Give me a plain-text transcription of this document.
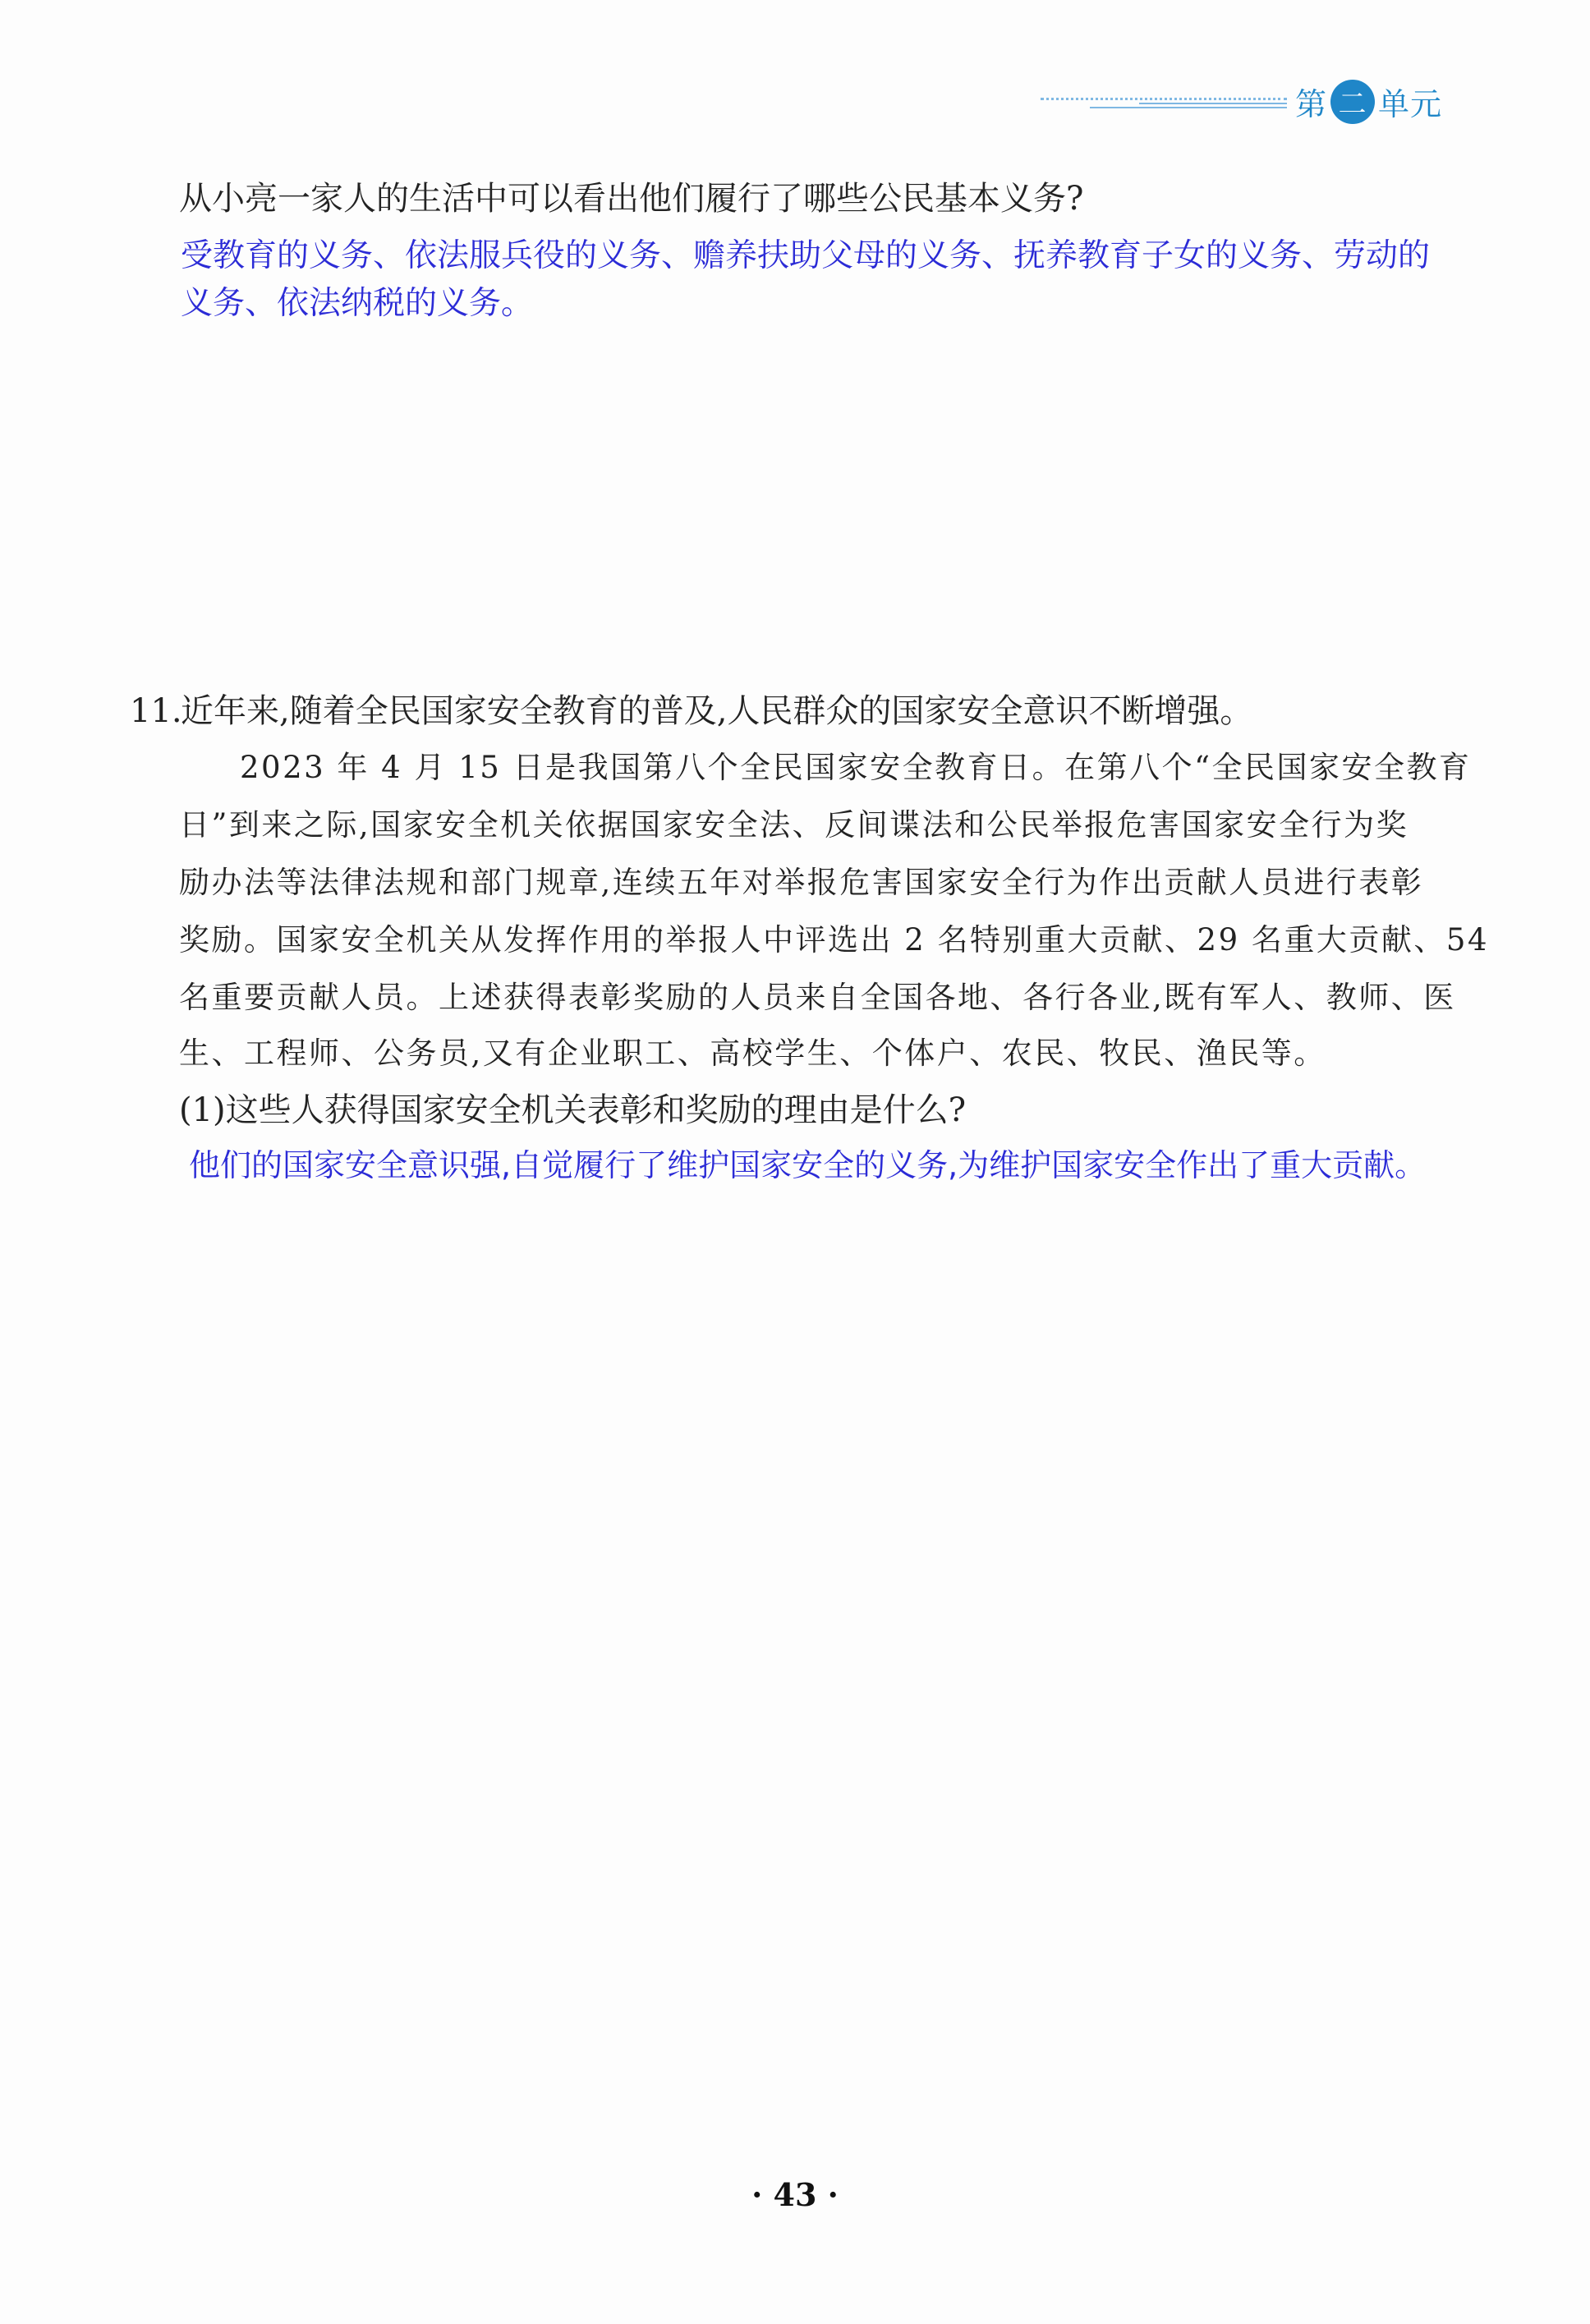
第 二 单元
从小亮一家人的生活中可以看出他们履行了哪些公民基本义务?
受教育的义务、依法服兵役的义务、赡养扶助父母的义务、抚养教育子女的义务、劳动的
义务、依法纳税的义务。
11.
近年来,随着全民国家安全教育的普及,人民群众的国家安全意识不断增强。
2023 年 4 月 15 日是我国第八个全民国家安全教育日。在第八个“全民国家安全教育
日”到来之际,国家安全机关依据国家安全法、反间谍法和公民举报危害国家安全行为奖
励办法等法律法规和部门规章,连续五年对举报危害国家安全行为作出贡献人员进行表彰
奖励。国家安全机关从发挥作用的举报人中评选出 2 名特别重大贡献、29 名重大贡献、54
名重要贡献人员。上述获得表彰奖励的人员来自全国各地、各行各业,既有军人、教师、医
生、工程师、公务员,又有企业职工、高校学生、个体户、农民、牧民、渔民等。
(1)这些人获得国家安全机关表彰和奖励的理由是什么?
他们的国家安全意识强,自觉履行了维护国家安全的义务,为维护国家安全作出了重大贡献。
· 43 ·
